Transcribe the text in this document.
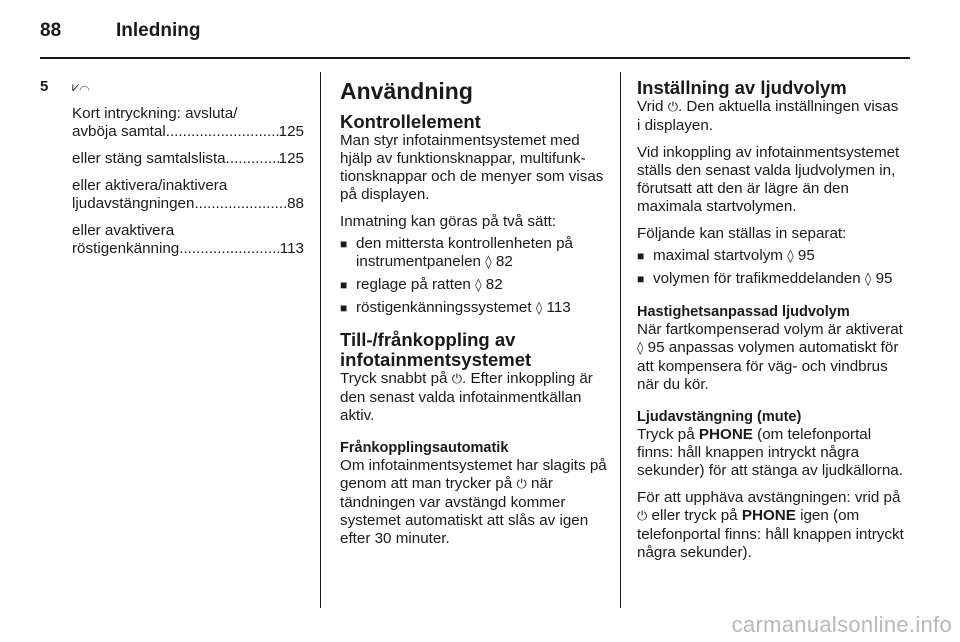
88	Inledning
5 ⩗⌒

Kort intryckning: avsluta/
avböja samtal .....	125

eller stäng samtalslista .....	125

eller aktivera/inaktivera
ljudavstängningen .....	88

eller avaktivera
röstigenkänning .....	113

Användning
Kontrollelement

Man styr infotainmentsystemet med hjälp av funktionsknappar, multifunktionsknappar och de menyer som visas på displayen.

Inmatning kan göras på två sätt:

■ den mittersta kontrollenheten på instrumentpanelen ◊ 82
■ reglage på ratten ◊ 82
■ röstigenkänningssystemet ◊ 113
Till-/frånkoppling av infotainmentsystemet

Tryck snabbt på ⏻. Efter inkoppling är den senast valda infotainmentkällan aktiv.

Frånkopplingsautomatik

Om infotainmentsystemet har slagits på genom att man trycker på ⏻ när tändningen var avstängd kommer systemet automatiskt att slås av igen efter 30 minuter.

Inställning av ljudvolym

Vrid ⏻. Den aktuella inställningen visas i displayen.

Vid inkoppling av infotainmentsystemet ställs den senast valda ljudvolymen in, förutsatt att den är lägre än den maximala startvolymen.

Följande kan ställas in separat:

■ maximal startvolym ◊ 95
■ volymen för trafikmeddelanden ◊ 95
Hastighetsanpassad ljudvolym

När fartkompenserad volym är aktiverat ◊ 95 anpassas volymen automatiskt för att kompensera för väg- och vindbrus när du kör.

Ljudavstängning (mute)

Tryck på PHONE (om telefonportal finns: håll knappen intryckt några sekunder) för att stänga av ljudkällorna.

För att upphäva avstängningen: vrid på ⏻ eller tryck på PHONE igen (om telefonportal finns: håll knappen intryckt några sekunder).

carmanualsonline.info
